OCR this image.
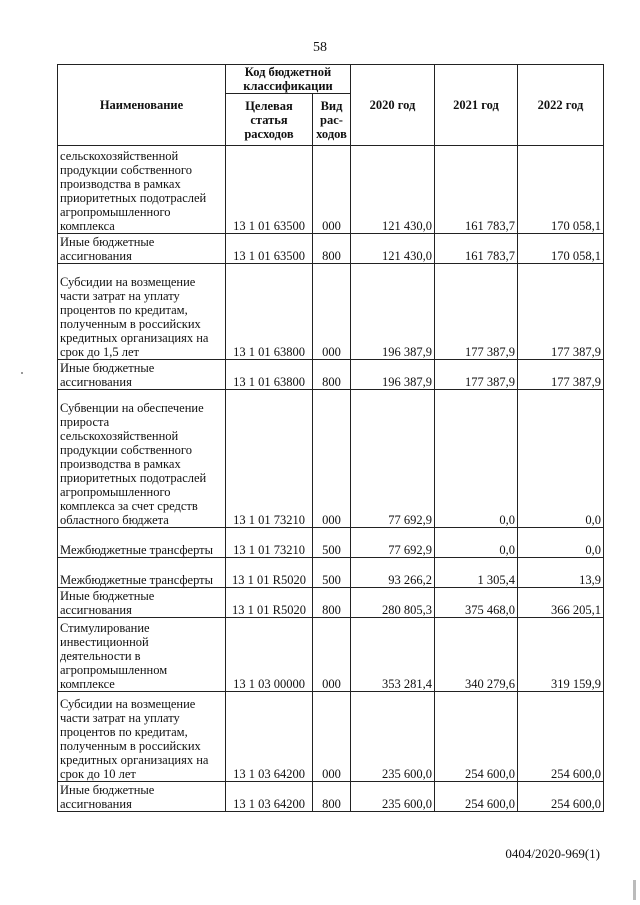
58
Наименование	Код бюджетной классификации		2020 год	2021 год	2022 год
	Целевая статья расходов	Вид рас-ходов			
сельскохозяйственной продукции собственного производства в рамках приоритетных подотраслей агропромышленного комплекса	13 1 01 63500	000	121 430,0	161 783,7	170 058,1
Иные бюджетные ассигнования	13 1 01 63500	800	121 430,0	161 783,7	170 058,1
Субсидии на возмещение части затрат на уплату процентов по кредитам, полученным в российских кредитных организациях на срок до 1,5 лет	13 1 01 63800	000	196 387,9	177 387,9	177 387,9
Иные бюджетные ассигнования	13 1 01 63800	800	196 387,9	177 387,9	177 387,9
Субвенции на обеспечение прироста сельскохозяйственной продукции собственного производства в рамках приоритетных подотраслей агропромышленного комплекса за счет средств областного бюджета	13 1 01 73210	000	77 692,9	0,0	0,0
Межбюджетные трансферты	13 1 01 73210	500	77 692,9	0,0	0,0
Межбюджетные трансферты	13 1 01 R5020	500	93 266,2	1 305,4	13,9
Иные бюджетные ассигнования	13 1 01 R5020	800	280 805,3	375 468,0	366 205,1
Стимулирование инвестиционной деятельности в агропромышленном комплексе	13 1 03 00000	000	353 281,4	340 279,6	319 159,9
Субсидии на возмещение части затрат на уплату процентов по кредитам, полученным в российских кредитных организациях на срок до 10 лет	13 1 03 64200	000	235 600,0	254 600,0	254 600,0
Иные бюджетные ассигнования	13 1 03 64200	800	235 600,0	254 600,0	254 600,0
0404/2020-969(1)
